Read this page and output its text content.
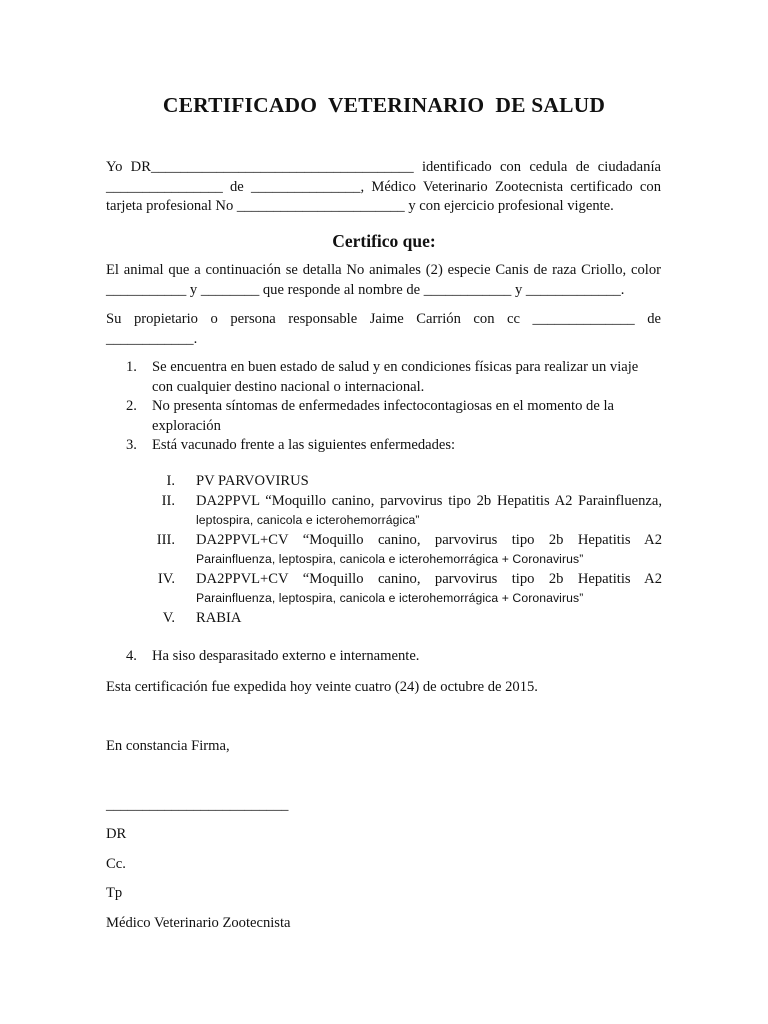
CERTIFICADO  VETERINARIO  DE SALUD
Yo DR____________________________________ identificado con cedula de ciudadanía
________________ de _______________, Médico Veterinario Zootecnista certificado con
tarjeta profesional No _______________________ y con ejercicio profesional vigente.
Certifico que:
El animal que a continuación se detalla No animales (2) especie Canis de raza Criollo, color
___________ y ________ que responde al nombre de ____________ y _____________.
Su propietario o persona responsable Jaime Carrión con cc ______________ de
____________.
1. Se encuentra en buen estado de salud y en condiciones físicas para realizar un viaje
con cualquier destino nacional o internacional.
2. No presenta síntomas de enfermedades infectocontagiosas en el momento de la
exploración
3. Está vacunado frente a las siguientes enfermedades:
I. PV PARVOVIRUS
II. DA2PPVL “Moquillo canino, parvovirus tipo 2b Hepatitis A2 Parainfluenza,
leptospira, canicola e icterohemorrágica”
III. DA2PPVL+CV “Moquillo canino, parvovirus tipo 2b Hepatitis A2
Parainfluenza, leptospira, canicola e icterohemorrágica + Coronavirus”
IV. DA2PPVL+CV “Moquillo canino, parvovirus tipo 2b Hepatitis A2
Parainfluenza, leptospira, canicola e icterohemorrágica + Coronavirus”
V. RABIA
4. Ha siso desparasitado externo e internamente.
Esta certificación fue expedida hoy veinte cuatro (24) de octubre de 2015.
En constancia Firma,
_________________________
DR
Cc.
Tp
Médico Veterinario Zootecnista
